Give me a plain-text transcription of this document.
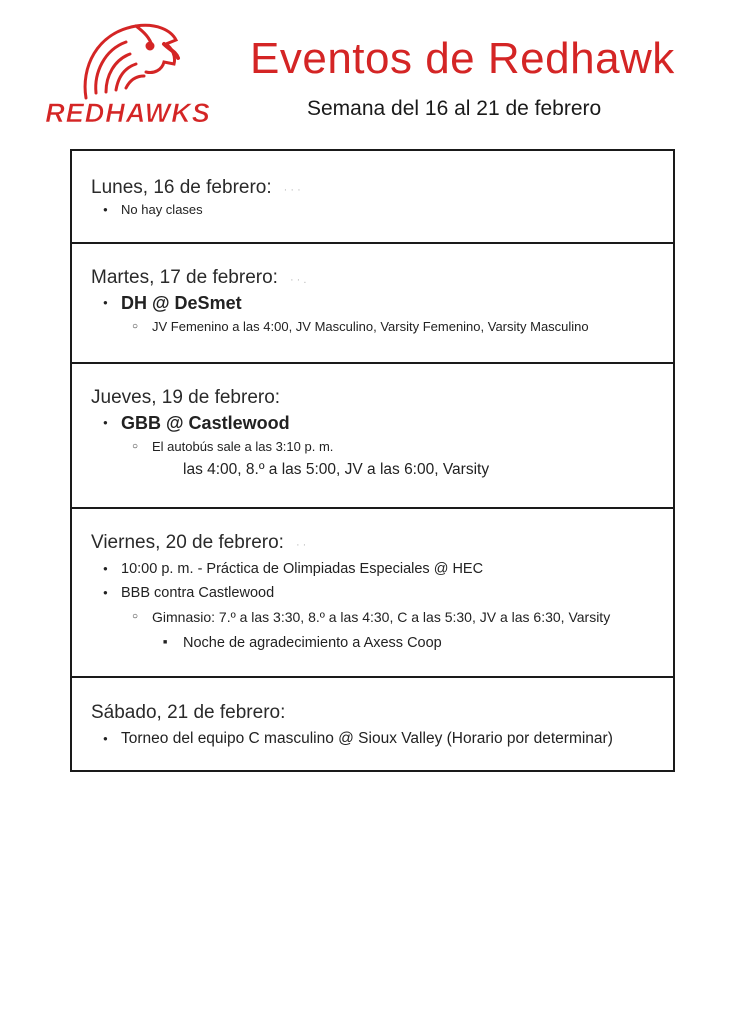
REDHAWKS
Eventos de Redhawk
Semana del 16 al 21 de febrero
Lunes, 16 de febrero: · · ·
● No hay clases
Martes, 17 de febrero: · · .
● DH @ DeSmet
○ JV Femenino a las 4:00, JV Masculino, Varsity Femenino, Varsity Masculino
Jueves, 19 de febrero:
● GBB @ Castlewood
○ El autobús sale a las 3:10 p. m.
las 4:00, 8.º a las 5:00, JV a las 6:00, Varsity
Viernes, 20 de febrero: · ·
● 10:00 p. m. - Práctica de Olimpiadas Especiales @ HEC
● BBB contra Castlewood
○ Gimnasio: 7.º a las 3:30, 8.º a las 4:30, C a las 5:30, JV a las 6:30, Varsity
■ Noche de agradecimiento a Axess Coop
Sábado, 21 de febrero:
● Torneo del equipo C masculino @ Sioux Valley (Horario por determinar)
